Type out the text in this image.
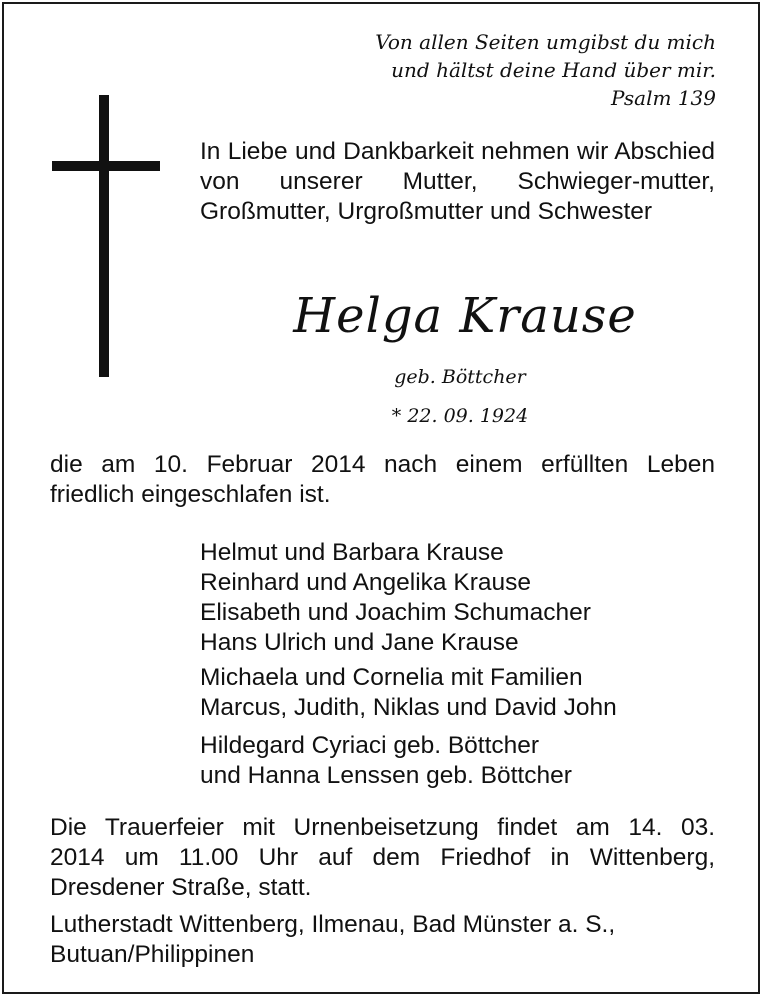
Von allen Seiten umgibst du mich
und hältst deine Hand über mir.
Psalm 139
In Liebe und Dankbarkeit nehmen wir Abschied von unserer Mutter, Schwieger-mutter, Großmutter, Urgroßmutter und Schwester
Helga Krause
geb. Böttcher
* 22. 09. 1924
die am 10. Februar 2014 nach einem erfüllten Leben
friedlich eingeschlafen ist.
Helmut und Barbara Krause
Reinhard und Angelika Krause
Elisabeth und Joachim Schumacher
Hans Ulrich und Jane Krause
Michaela und Cornelia mit Familien
Marcus, Judith, Niklas und David John
Hildegard Cyriaci geb. Böttcher
und Hanna Lenssen geb. Böttcher
Die Trauerfeier mit Urnenbeisetzung findet am 14. 03.
2014 um 11.00 Uhr auf dem Friedhof in Wittenberg,
Dresdener Straße, statt.
Lutherstadt Wittenberg, Ilmenau, Bad Münster a. S.,
Butuan/Philippinen
